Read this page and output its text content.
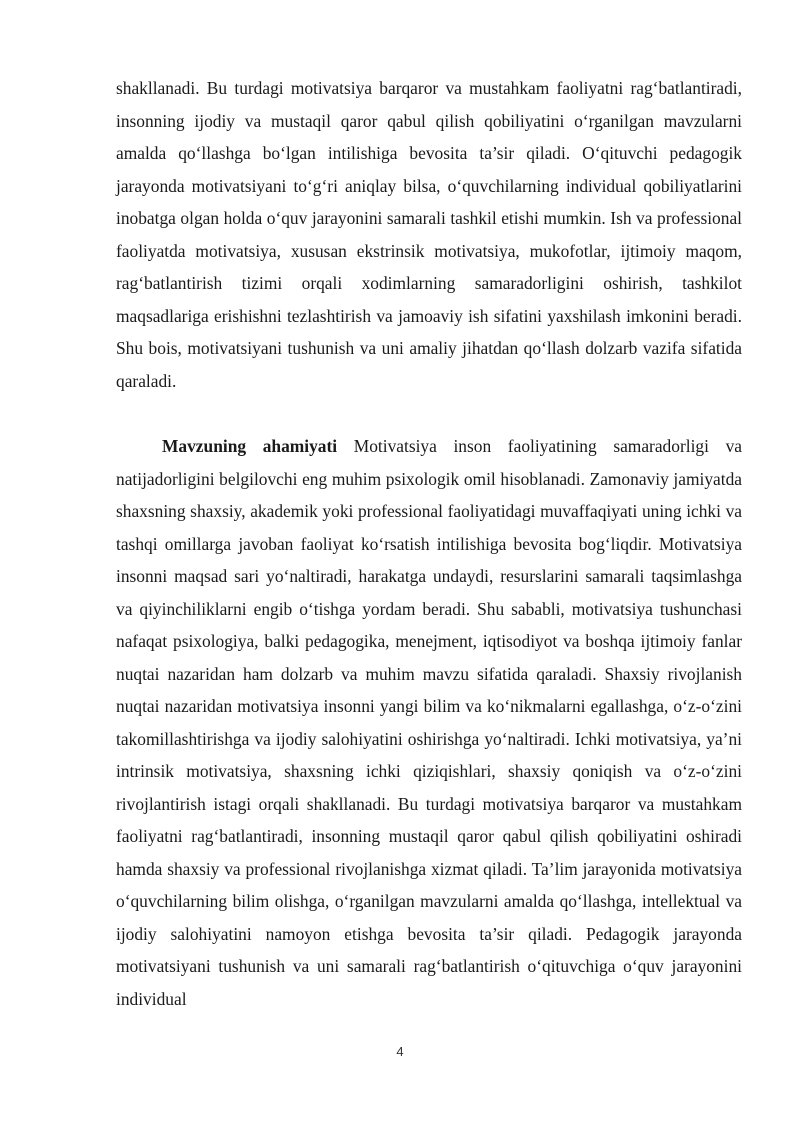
shakllanadi. Bu turdagi motivatsiya barqaror va mustahkam faoliyatni rag‘batlantiradi, insonning ijodiy va mustaqil qaror qabul qilish qobiliyatini o‘rganilgan mavzularni amalda qo‘llashga bo‘lgan intilishiga bevosita ta’sir qiladi. O‘qituvchi pedagogik jarayonda motivatsiyani to‘g‘ri aniqlay bilsa, o‘quvchilarning individual qobiliyatlarini inobatga olgan holda o‘quv jarayonini samarali tashkil etishi mumkin. Ish va professional faoliyatda motivatsiya, xususan ekstrinsik motivatsiya, mukofotlar, ijtimoiy maqom, rag‘batlantirish tizimi orqali xodimlarning samaradorligini oshirish, tashkilot maqsadlariga erishishni tezlashtirish va jamoaviy ish sifatini yaxshilash imkonini beradi. Shu bois, motivatsiyani tushunish va uni amaliy jihatdan qo‘llash dolzarb vazifa sifatida qaraladi.

Mavzuning ahamiyati Motivatsiya inson faoliyatining samaradorligi va natijadorligini belgilovchi eng muhim psixologik omil hisoblanadi. Zamonaviy jamiyatda shaxsning shaxsiy, akademik yoki professional faoliyatidagi muvaffaqiyati uning ichki va tashqi omillarga javoban faoliyat ko‘rsatish intilishiga bevosita bog‘liqdir. Motivatsiya insonni maqsad sari yo‘naltiradi, harakatga undaydi, resurslarini samarali taqsimlashga va qiyinchiliklarni engib o‘tishga yordam beradi. Shu sababli, motivatsiya tushunchasi nafaqat psixologiya, balki pedagogika, menejment, iqtisodiyot va boshqa ijtimoiy fanlar nuqtai nazaridan ham dolzarb va muhim mavzu sifatida qaraladi. Shaxsiy rivojlanish nuqtai nazaridan motivatsiya insonni yangi bilim va ko‘nikmalarni egallashga, o‘z-o‘zini takomillashtirishga va ijodiy salohiyatini oshirishga yo‘naltiradi. Ichki motivatsiya, ya’ni intrinsik motivatsiya, shaxsning ichki qiziqishlari, shaxsiy qoniqish va o‘z-o‘zini rivojlantirish istagi orqali shakllanadi. Bu turdagi motivatsiya barqaror va mustahkam faoliyatni rag‘batlantiradi, insonning mustaqil qaror qabul qilish qobiliyatini oshiradi hamda shaxsiy va professional rivojlanishga xizmat qiladi. Ta’lim jarayonida motivatsiya o‘quvchilarning bilim olishga, o‘rganilgan mavzularni amalda qo‘llashga, intellektual va ijodiy salohiyatini namoyon etishga bevosita ta’sir qiladi. Pedagogik jarayonda motivatsiyani tushunish va uni samarali rag‘batlantirish o‘qituvchiga o‘quv jarayonini individual

4
